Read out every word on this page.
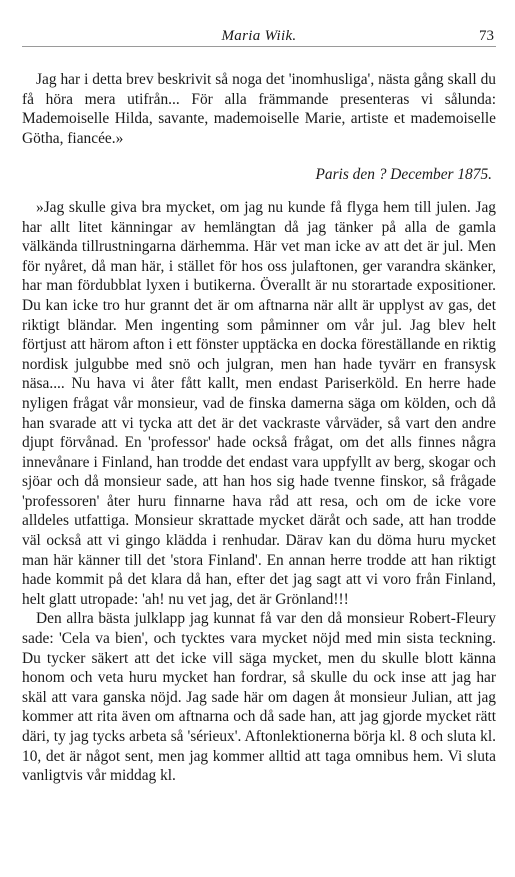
Maria Wiik.	73

Jag har i detta brev beskrivit så noga det 'inomhusliga', nästa gång skall du få höra mera utifrån... För alla främmande presenteras vi sålunda: Mademoiselle Hilda, savante, mademoiselle Marie, artiste et mademoiselle Götha, fiancée.»

Paris den ? December 1875.

»Jag skulle giva bra mycket, om jag nu kunde få flyga hem till julen. Jag har allt litet känningar av hemlängtan då jag tänker på alla de gamla välkända tillrustningarna därhemma. Här vet man icke av att det är jul. Men för nyåret, då man här, i stället för hos oss julaftonen, ger varandra skänker, har man fördubblat lyxen i butikerna. Överallt är nu storartade expositioner. Du kan icke tro hur grannt det är om aftnarna när allt är upplyst av gas, det riktigt bländar. Men ingenting som påminner om vår jul. Jag blev helt förtjust att härom afton i ett fönster upptäcka en docka föreställande en riktig nordisk julgubbe med snö och julgran, men han hade tyvärr en fransysk näsa.... Nu hava vi åter fått kallt, men endast Pariserköld. En herre hade nyligen frågat vår monsieur, vad de finska damerna säga om kölden, och då han svarade att vi tycka att det är det vackraste vårväder, så vart den andre djupt förvånad. En 'professor' hade också frågat, om det alls finnes några innevånare i Finland, han trodde det endast vara uppfyllt av berg, skogar och sjöar och då monsieur sade, att han hos sig hade tvenne finskor, så frågade 'professoren' åter huru finnarne hava råd att resa, och om de icke vore alldeles utfattiga. Monsieur skrattade mycket däråt och sade, att han trodde väl också att vi gingo klädda i renhudar. Därav kan du döma huru mycket man här känner till det 'stora Finland'. En annan herre trodde att han riktigt hade kommit på det klara då han, efter det jag sagt att vi voro från Finland, helt glatt utropade: 'ah! nu vet jag, det är Grönland!!!

Den allra bästa julklapp jag kunnat få var den då monsieur Robert-Fleury sade: 'Cela va bien', och tycktes vara mycket nöjd med min sista teckning. Du tycker säkert att det icke vill säga mycket, men du skulle blott känna honom och veta huru mycket han fordrar, så skulle du ock inse att jag har skäl att vara ganska nöjd. Jag sade här om dagen åt monsieur Julian, att jag kommer att rita även om aftnarna och då sade han, att jag gjorde mycket rätt däri, ty jag tycks arbeta så 'sérieux'. Aftonlektionerna börja kl. 8 och sluta kl. 10, det är något sent, men jag kommer alltid att taga omnibus hem. Vi sluta vanligtvis vår middag kl.
